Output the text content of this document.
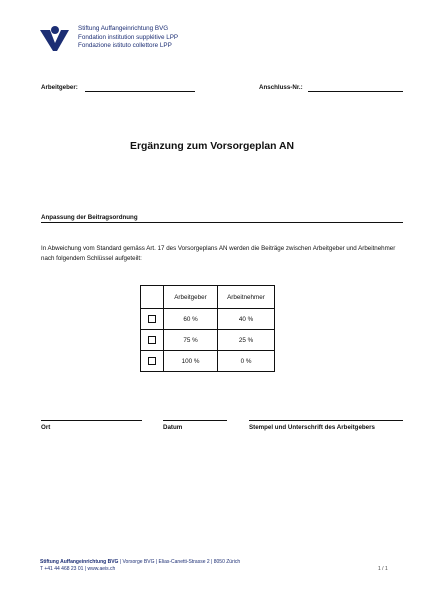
Stiftung Auffangeinrichtung BVG
Fondation institution supplétive LPP
Fondazione istituto collettore LPP
Arbeitgeber:	Anschluss-Nr.:
Ergänzung zum Vorsorgeplan AN
Anpassung der Beitragsordnung
In Abweichung vom Standard gemäss Art. 17 des Vorsorgeplans AN werden die Beiträge zwischen Arbeitgeber und Arbeitnehmer nach folgendem Schlüssel aufgeteilt:
	Arbeitgeber	Arbeitnehmer
	60 %	40 %
	75 %	25 %
	100 %	0 %
Ort	Datum	Stempel und Unterschrift des Arbeitgebers
Stiftung Auffangeinrichtung BVG | Vorsorge BVG | Elias-Canetti-Strasse 2 | 8050 Zürich
T +41 44 468 23 01 | www.aeis.ch	1 / 1
